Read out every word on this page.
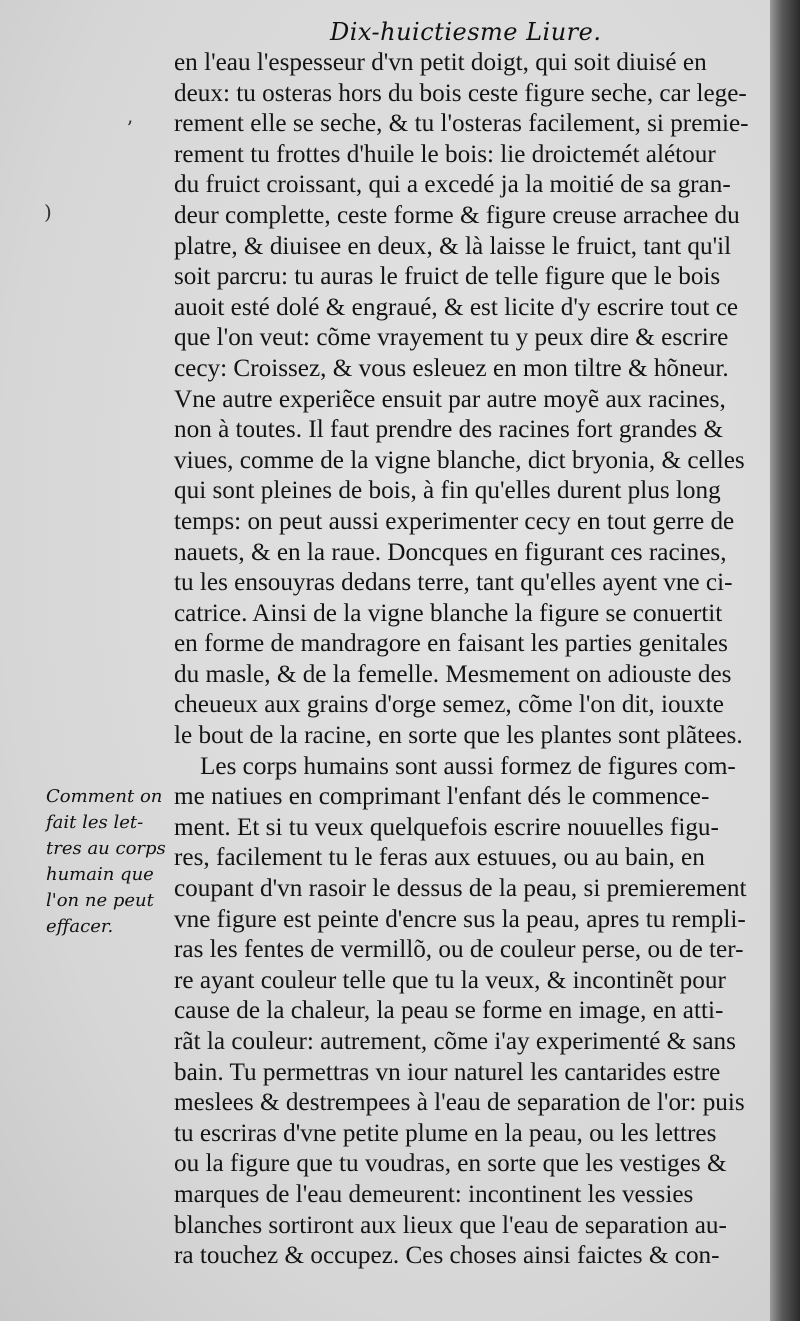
Dix-huictiesme Liure.
ʼ
)
Comment on
fait les let-
tres au corps
humain que
l'on ne peut
effacer.
en l'eau l'espesseur d'vn petit doigt, qui soit diuisé en
deux: tu osteras hors du bois ceste figure seche, car lege-
rement elle se seche, & tu l'osteras facilement, si premie-
rement tu frottes d'huile le bois: lie droictemét alétour
du fruict croissant, qui a excedé ja la moitié de sa gran-
deur complette, ceste forme & figure creuse arrachee du
platre, & diuisee en deux, & là laisse le fruict, tant qu'il
soit parcru: tu auras le fruict de telle figure que le bois
auoit esté dolé & engraué, & est licite d'y escrire tout ce
que l'on veut: cõme vrayement tu y peux dire & escrire
cecy: Croissez, & vous esleuez en mon tiltre & hõneur.
Vne autre experiẽce ensuit par autre moyẽ aux racines,
non à toutes. Il faut prendre des racines fort grandes &
viues, comme de la vigne blanche, dict bryonia, & celles
qui sont pleines de bois, à fin qu'elles durent plus long
temps: on peut aussi experimenter cecy en tout gerre de
nauets, & en la raue. Doncques en figurant ces racines,
tu les ensouyras dedans terre, tant qu'elles ayent vne ci-
catrice. Ainsi de la vigne blanche la figure se conuertit
en forme de mandragore en faisant les parties genitales
du masle, & de la femelle. Mesmement on adiouste des
cheueux aux grains d'orge semez, cõme l'on dit, iouxte
le bout de la racine, en sorte que les plantes sont plãtees.
Les corps humains sont aussi formez de figures com-
me natiues en comprimant l'enfant dés le commence-
ment. Et si tu veux quelquefois escrire nouuelles figu-
res, facilement tu le feras aux estuues, ou au bain, en
coupant d'vn rasoir le dessus de la peau, si premierement
vne figure est peinte d'encre sus la peau, apres tu rempli-
ras les fentes de vermillõ, ou de couleur perse, ou de ter-
re ayant couleur telle que tu la veux, & incontinẽt pour
cause de la chaleur, la peau se forme en image, en atti-
rãt la couleur: autrement, cõme i'ay experimenté & sans
bain. Tu permettras vn iour naturel les cantarides estre
meslees & destrempees à l'eau de separation de l'or: puis
tu escriras d'vne petite plume en la peau, ou les lettres
ou la figure que tu voudras, en sorte que les vestiges &
marques de l'eau demeurent: incontinent les vessies
blanches sortiront aux lieux que l'eau de separation au-
ra touchez & occupez. Ces choses ainsi faictes & con-
